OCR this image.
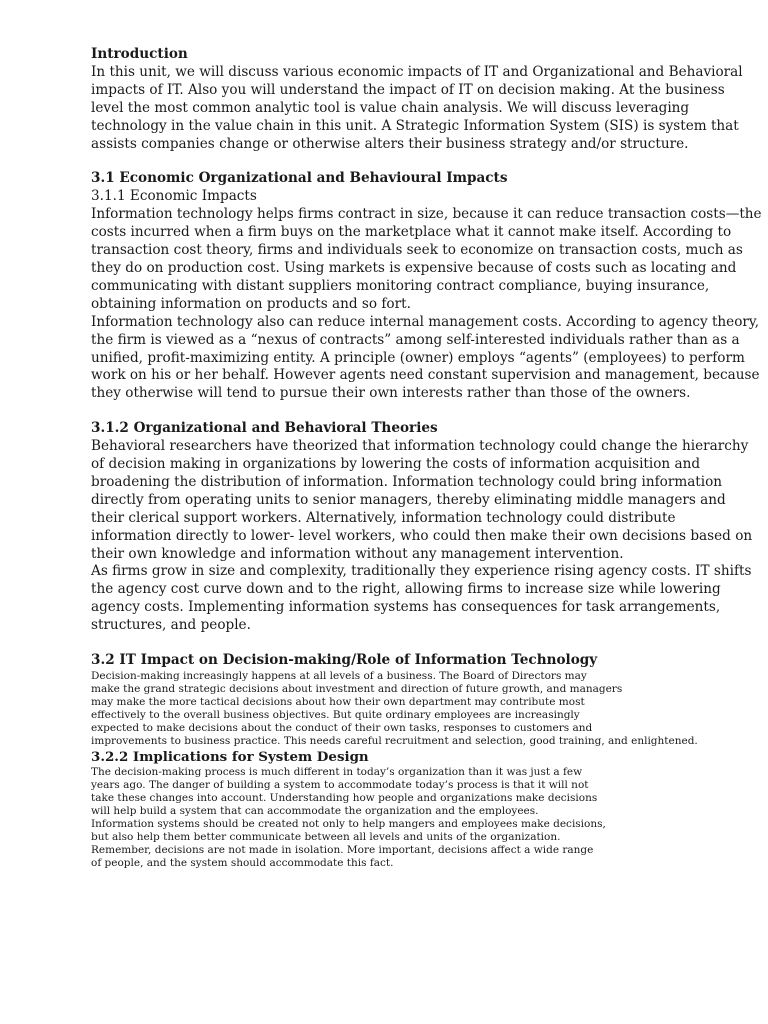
Introduction
In this unit, we will discuss various economic impacts of IT and Organizational and Behavioral
impacts of IT. Also you will understand the impact of IT on decision making. At the business
level the most common analytic tool is value chain analysis. We will discuss leveraging
technology in the value chain in this unit. A Strategic Information System (SIS) is system that
assists companies change or otherwise alters their business strategy and/or structure.
3.1 Economic Organizational and Behavioural Impacts
3.1.1 Economic Impacts
Information technology helps firms contract in size, because it can reduce transaction costs—the
costs incurred when a firm buys on the marketplace what it cannot make itself. According to
transaction cost theory, firms and individuals seek to economize on transaction costs, much as
they do on production cost. Using markets is expensive because of costs such as locating and
communicating with distant suppliers monitoring contract compliance, buying insurance,
obtaining information on products and so fort.
Information technology also can reduce internal management costs. According to agency theory,
the firm is viewed as a “nexus of contracts” among self-interested individuals rather than as a
unified, profit-maximizing entity. A principle (owner) employs “agents” (employees) to perform
work on his or her behalf. However agents need constant supervision and management, because
they otherwise will tend to pursue their own interests rather than those of the owners.
3.1.2 Organizational and Behavioral Theories
Behavioral researchers have theorized that information technology could change the hierarchy
of decision making in organizations by lowering the costs of information acquisition and
broadening the distribution of information. Information technology could bring information
directly from operating units to senior managers, thereby eliminating middle managers and
their clerical support workers. Alternatively, information technology could distribute
information directly to lower- level workers, who could then make their own decisions based on
their own knowledge and information without any management intervention.
As firms grow in size and complexity, traditionally they experience rising agency costs. IT shifts
the agency cost curve down and to the right, allowing firms to increase size while lowering
agency costs. Implementing information systems has consequences for task arrangements,
structures, and people.
3.2 IT Impact on Decision-making/Role of Information Technology
Decision-making increasingly happens at all levels of a business. The Board of Directors may
make the grand strategic decisions about investment and direction of future growth, and managers
may make the more tactical decisions about how their own department may contribute most
effectively to the overall business objectives. But quite ordinary employees are increasingly
expected to make decisions about the conduct of their own tasks, responses to customers and
improvements to business practice. This needs careful recruitment and selection, good training, and enlightened.
3.2.2 Implications for System Design
The decision-making process is much different in today’s organization than it was just a few
years ago. The danger of building a system to accommodate today’s process is that it will not
take these changes into account. Understanding how people and organizations make decisions
will help build a system that can accommodate the organization and the employees.
Information systems should be created not only to help mangers and employees make decisions,
but also help them better communicate between all levels and units of the organization.
Remember, decisions are not made in isolation. More important, decisions affect a wide range
of people, and the system should accommodate this fact.
